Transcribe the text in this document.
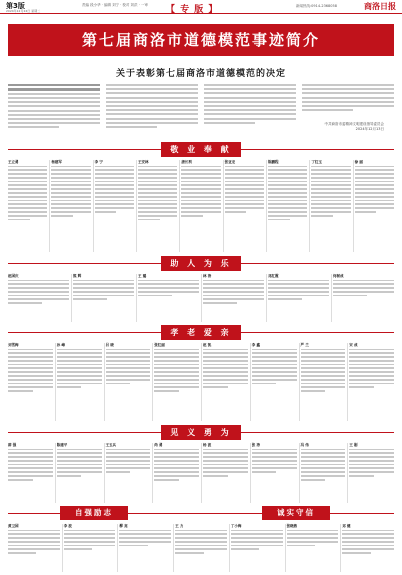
第3版
2024年12月24日 星期二
责编 段小华 · 编辑 刘宁 · 校对 刘洪 · 一审 【 专 版 】	新闻热线:0914-2368058	商洛日报
第七届商洛市道德模范事迹简介
关于表彰第七届商洛市道德模范的决定
中共商洛市委精神文明建设指导委员会
2024年12月13日
敬 业 奉 献
王立勇	杨建军	李 宁	王安林	唐长利	张亚龙	陈鹏程	丁红玉	徐 丽
助 人 为 乐
赵国庆	熊 辉	王 璐	林 涛	邓红霞	何树成
孝 老 爱 亲
刘雪梅	孙 峰	吕 晓	张红丽	赵 凯	李 鑫	严 兰	宋 成
见 义 勇 为
薛 强	陈建平	王玉兵	尚 勇	杨 波	张 涛	冯 伟	王 刚
自强励志	诚实守信
黄卫国	李 波	柳 亮	王 力	丁小梅	张晓燕	邓 健
